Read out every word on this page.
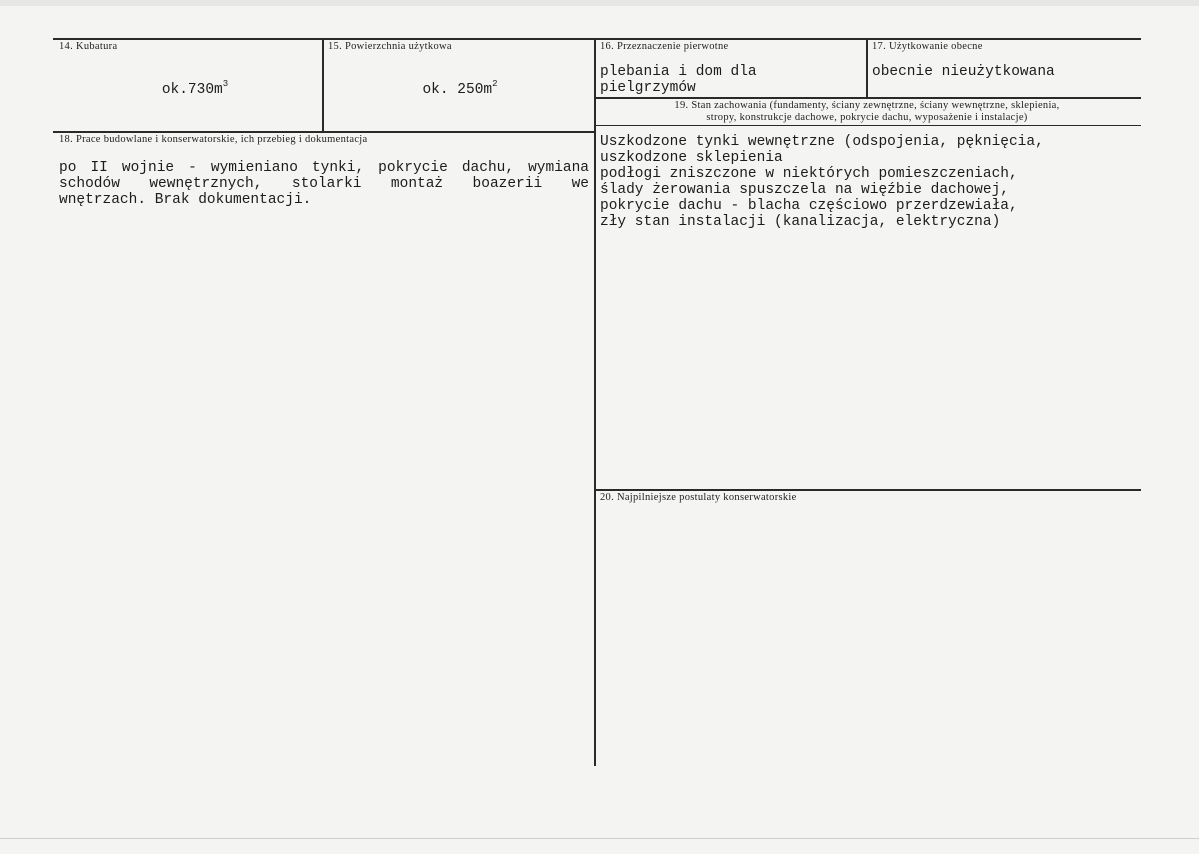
14. Kubatura
$ok.730m^3$
15. Powierzchnia użytkowa
ok. $250m^2$
16. Przeznaczenie pierwotne
plebania i dom dla
pielgrzymów
17. Użytkowanie obecne
obecnie nieużytkowana
19. Stan zachowania (fundamenty, ściany zewnętrzne, ściany wewnętrzne, sklepienia,
stropy, konstrukcje dachowe, pokrycie dachu, wyposażenie i instalacje)
Uszkodzone tynki wewnętrzne (odspojenia, pęknięcia,
uszkodzone sklepienia
podłogi zniszczone w niektórych pomieszczeniach,
ślady żerowania spuszczela na więźbie dachowej,
pokrycie dachu - blacha częściowo przerdzewiała,
zły stan instalacji (kanalizacja, elektryczna)
18. Prace budowlane i konserwatorskie, ich przebieg i dokumentacja
po II wojnie - wymieniano tynki, pokrycie dachu, wymiana
schodów wewnętrznych, stolarki montaż boazerii we
wnętrzach. Brak dokumentacji.
20. Najpilniejsze postulaty konserwatorskie
